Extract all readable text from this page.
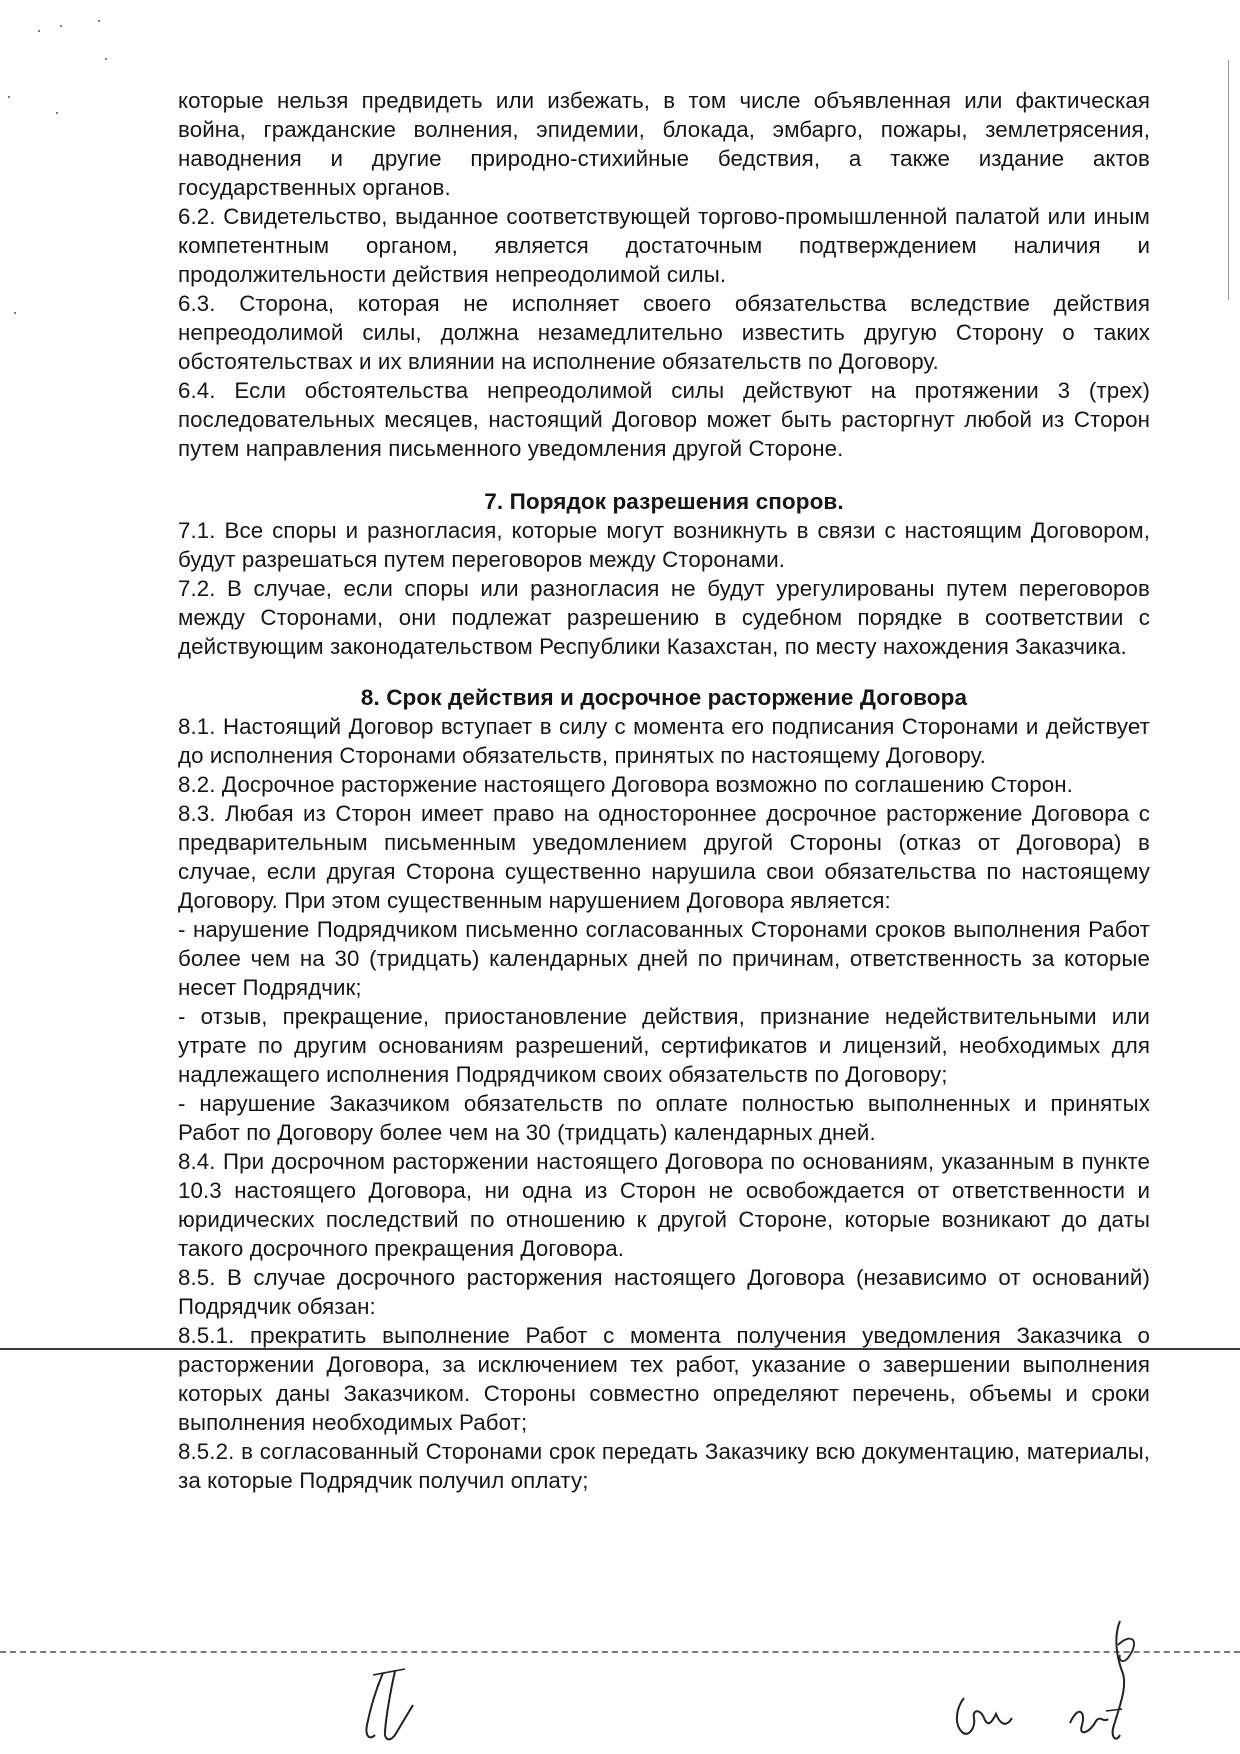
которые нельзя предвидеть или избежать, в том числе объявленная или фактическая война, гражданские волнения, эпидемии, блокада, эмбарго, пожары, землетрясения, наводнения и другие природно-стихийные бедствия, а также издание актов государственных органов.

6.2. Свидетельство, выданное соответствующей торгово-промышленной палатой или иным компетентным органом, является достаточным подтверждением наличия и продолжительности действия непреодолимой силы.

6.3. Сторона, которая не исполняет своего обязательства вследствие действия непреодолимой силы, должна незамедлительно известить другую Сторону о таких обстоятельствах и их влиянии на исполнение обязательств по Договору.

6.4. Если обстоятельства непреодолимой силы действуют на протяжении 3 (трех) последовательных месяцев, настоящий Договор может быть расторгнут любой из Сторон путем направления письменного уведомления другой Стороне.

7. Порядок разрешения споров.

7.1. Все споры и разногласия, которые могут возникнуть в связи с настоящим Договором, будут разрешаться путем переговоров между Сторонами.

7.2. В случае, если споры или разногласия не будут урегулированы путем переговоров между Сторонами, они подлежат разрешению в судебном порядке в соответствии с действующим законодательством Республики Казахстан, по месту нахождения Заказчика.

8. Срок действия и досрочное расторжение Договора

8.1. Настоящий Договор вступает в силу с момента его подписания Сторонами и действует до исполнения Сторонами обязательств, принятых по настоящему Договору.

8.2. Досрочное расторжение настоящего Договора возможно по соглашению Сторон.

8.3. Любая из Сторон имеет право на одностороннее досрочное расторжение Договора с предварительным письменным уведомлением другой Стороны (отказ от Договора) в случае, если другая Сторона существенно нарушила свои обязательства по настоящему Договору. При этом существенным нарушением Договора является:

- нарушение Подрядчиком письменно согласованных Сторонами сроков выполнения Работ более чем на 30 (тридцать) календарных дней по причинам, ответственность за которые несет Подрядчик;

- отзыв, прекращение, приостановление действия, признание недействительными или утрате по другим основаниям разрешений, сертификатов и лицензий, необходимых для надлежащего исполнения Подрядчиком своих обязательств по Договору;

- нарушение Заказчиком обязательств по оплате полностью выполненных и принятых Работ по Договору более чем на 30 (тридцать) календарных дней.

8.4. При досрочном расторжении настоящего Договора по основаниям, указанным в пункте 10.3 настоящего Договора, ни одна из Сторон не освобождается от ответственности и юридических последствий по отношению к другой Стороне, которые возникают до даты такого досрочного прекращения Договора.

8.5. В случае досрочного расторжения настоящего Договора (независимо от оснований) Подрядчик обязан:

8.5.1. прекратить выполнение Работ с момента получения уведомления Заказчика о расторжении Договора, за исключением тех работ, указание о завершении выполнения которых даны Заказчиком. Стороны совместно определяют перечень, объемы и сроки выполнения необходимых Работ;

8.5.2. в согласованный Сторонами срок передать Заказчику всю документацию, материалы, за которые Подрядчик получил оплату;
